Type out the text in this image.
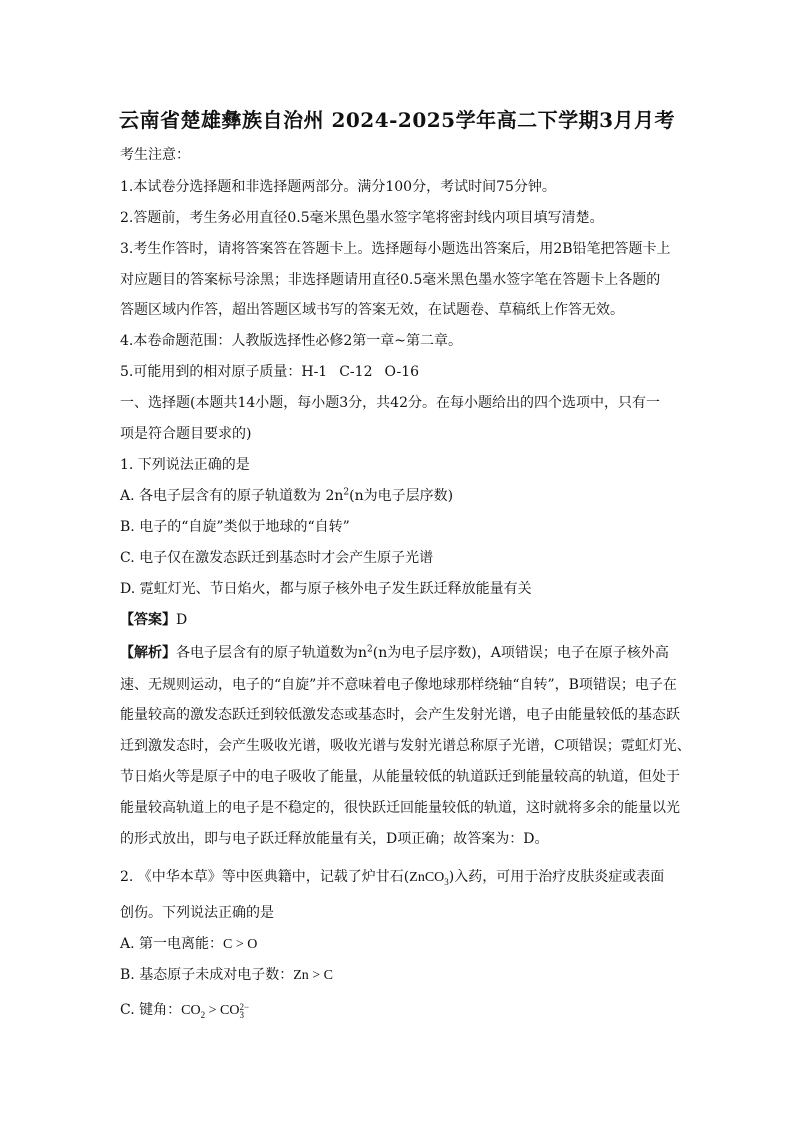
云南省楚雄彝族自治州 2024-2025学年高二下学期3月月考
考生注意：
1.本试卷分选择题和非选择题两部分。满分100分，考试时间75分钟。
2.答题前，考生务必用直径0.5毫米黑色墨水签字笔将密封线内项目填写清楚。
3.考生作答时，请将答案答在答题卡上。选择题每小题选出答案后，用2B铅笔把答题卡上
对应题目的答案标号涂黑；非选择题请用直径0.5毫米黑色墨水签字笔在答题卡上各题的
答题区域内作答，超出答题区域书写的答案无效，在试题卷、草稿纸上作答无效。
4.本卷命题范围：人教版选择性必修2第一章~第二章。
5.可能用到的相对原子质量：H-1 C-12 O-16
一、选择题(本题共14小题，每小题3分，共42分。在每小题给出的四个选项中，只有一
项是符合题目要求的)
1. 下列说法正确的是
A. 各电子层含有的原子轨道数为 $2n^2(n$为电子层序数)
B. 电子的“自旋”类似于地球的“自转”
C. 电子仅在激发态跃迁到基态时才会产生原子光谱
D. 霓虹灯光、节日焰火，都与原子核外电子发生跃迁释放能量有关
【答案】D
【解析】各电子层含有的原子轨道数为$n^2(n$为电子层序数)，A项错误；电子在原子核外高
速、无规则运动，电子的“自旋”并不意味着电子像地球那样绕轴“自转”，B项错误；电子在
能量较高的激发态跃迁到较低激发态或基态时，会产生发射光谱，电子由能量较低的基态跃
迁到激发态时，会产生吸收光谱，吸收光谱与发射光谱总称原子光谱，C项错误；霓虹灯光、
节日焰火等是原子中的电子吸收了能量，从能量较低的轨道跃迁到能量较高的轨道，但处于
能量较高轨道上的电子是不稳定的，很快跃迁回能量较低的轨道，这时就将多余的能量以光
的形式放出，即与电子跃迁释放能量有关，D项正确；故答案为：D。
2. 《中华本草》等中医典籍中，记载了炉甘石(ZnCO$_3$)入药，可用于治疗皮肤炎症或表面
创伤。下列说法正确的是
A. 第一电离能：C > O
B. 基态原子未成对电子数：Zn > C
C. 键角：$CO_2$ > CO 2−
3
